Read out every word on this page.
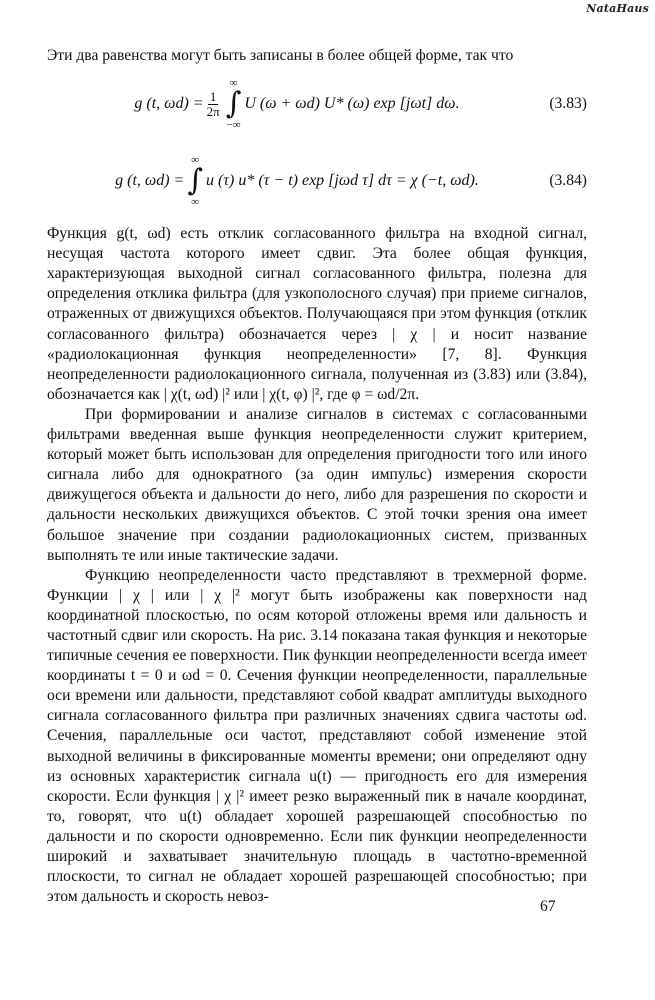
NataHaus

Эти два равенства могут быть записаны в более общей форме, так что

g (t, $\omega d) = \frac{1}{2\pi}$
∞
∫
−∞
U (ω + ωd) U* (ω) exp [jωt] dω.	(3.83)
g (t, ωd) =
∞
∫
∞
u (τ) u* (τ − t) exp [jωd τ] dτ = χ (−t, ωd).	(3.84)

Функция g(t, ωd) есть отклик согласованного фильтра на входной сигнал, несущая частота которого имеет сдвиг. Эта более общая функция, характеризующая выходной сигнал согласованного фильтра, полезна для определения отклика фильтра (для узкополосного случая) при приеме сигналов, отраженных от движущихся объектов. Получающаяся при этом функция (отклик согласованного фильтра) обозначается через | χ | и носит название «радиолокационная функция неопределенности» [7, 8]. Функция неопределенности радиолокационного сигнала, полученная из (3.83) или (3.84), обозначается как | χ(t, ωd) |² или | χ(t, φ) |², где φ = ωd/2π.

При формировании и анализе сигналов в системах с согласованными фильтрами введенная выше функция неопределенности служит критерием, который может быть использован для определения пригодности того или иного сигнала либо для однократного (за один импульс) измерения скорости движущегося объекта и дальности до него, либо для разрешения по скорости и дальности нескольких движущихся объектов. С этой точки зрения она имеет большое значение при создании радиолокационных систем, призванных выполнять те или иные тактические задачи.

Функцию неопределенности часто представляют в трехмерной форме. Функции | χ | или | χ |² могут быть изображены как поверхности над координатной плоскостью, по осям которой отложены время или дальность и частотный сдвиг или скорость. На рис. 3.14 показана такая функция и некоторые типичные сечения ее поверхности. Пик функции неопределенности всегда имеет координаты t = 0 и ωd = 0. Сечения функции неопределенности, параллельные оси времени или дальности, представляют собой квадрат амплитуды выходного сигнала согласованного фильтра при различных значениях сдвига частоты ωd. Сечения, параллельные оси частот, представляют собой изменение этой выходной величины в фиксированные моменты времени; они определяют одну из основных характеристик сигнала u(t) — пригодность его для измерения скорости. Если функция | χ |² имеет резко выраженный пик в начале координат, то, говорят, что u(t) обладает хорошей разрешающей способностью по дальности и по скорости одновременно. Если пик функции неопределенности широкий и захватывает значительную площадь в частотно-временной плоскости, то сигнал не обладает хорошей разрешающей способностью; при этом дальность и скорость невоз-

67
